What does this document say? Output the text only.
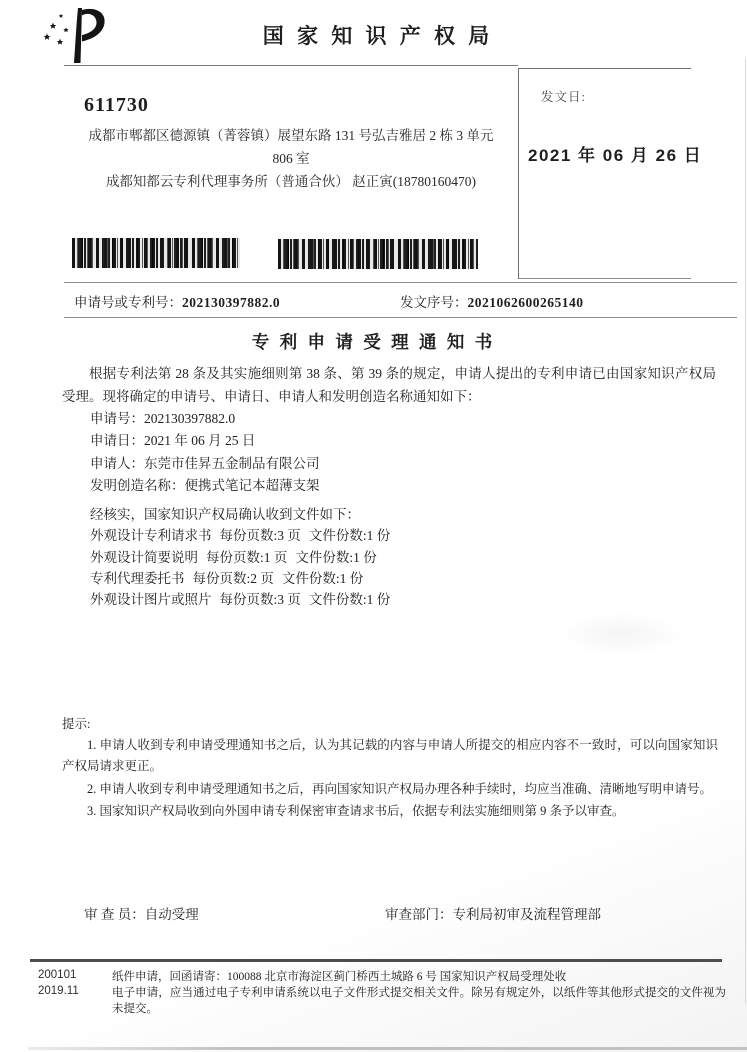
国 家 知 识 产 权 局
发文日:
2021 年 06 月 26 日
611730
成都市郫都区德源镇（菁蓉镇）展望东路 131 号弘吉雅居 2 栋 3 单元
806 室
成都知都云专利代理事务所（普通合伙） 赵正寅(18780160470)
申请号或专利号：202130397882.0	发文序号：2021062600265140
专 利 申 请 受 理 通 知 书
根据专利法第 28 条及其实施细则第 38 条、第 39 条的规定，申请人提出的专利申请已由国家知识产权局受理。现将确定的申请号、申请日、申请人和发明创造名称通知如下：
申请号：202130397882.0
申请日：2021 年 06 月 25 日
申请人：东莞市佳昇五金制品有限公司
发明创造名称：便携式笔记本超薄支架
经核实，国家知识产权局确认收到文件如下：
外观设计专利请求书 每份页数:3 页 文件份数:1 份
外观设计简要说明 每份页数:1 页 文件份数:1 份
专利代理委托书 每份页数:2 页 文件份数:1 份
外观设计图片或照片 每份页数:3 页 文件份数:1 份
提示:
1. 申请人收到专利申请受理通知书之后，认为其记载的内容与申请人所提交的相应内容不一致时，可以向国家知识产权局请求更正。
2. 申请人收到专利申请受理通知书之后，再向国家知识产权局办理各种手续时，均应当准确、清晰地写明申请号。
3. 国家知识产权局收到向外国申请专利保密审查请求书后，依据专利法实施细则第 9 条予以审查。
审 查 员：自动受理	审查部门：专利局初审及流程管理部
200101
2019.11
纸件申请，回函请寄：100088 北京市海淀区蓟门桥西土城路 6 号 国家知识产权局受理处收
电子申请，应当通过电子专利申请系统以电子文件形式提交相关文件。除另有规定外，以纸件等其他形式提交的文件视为未提交。
